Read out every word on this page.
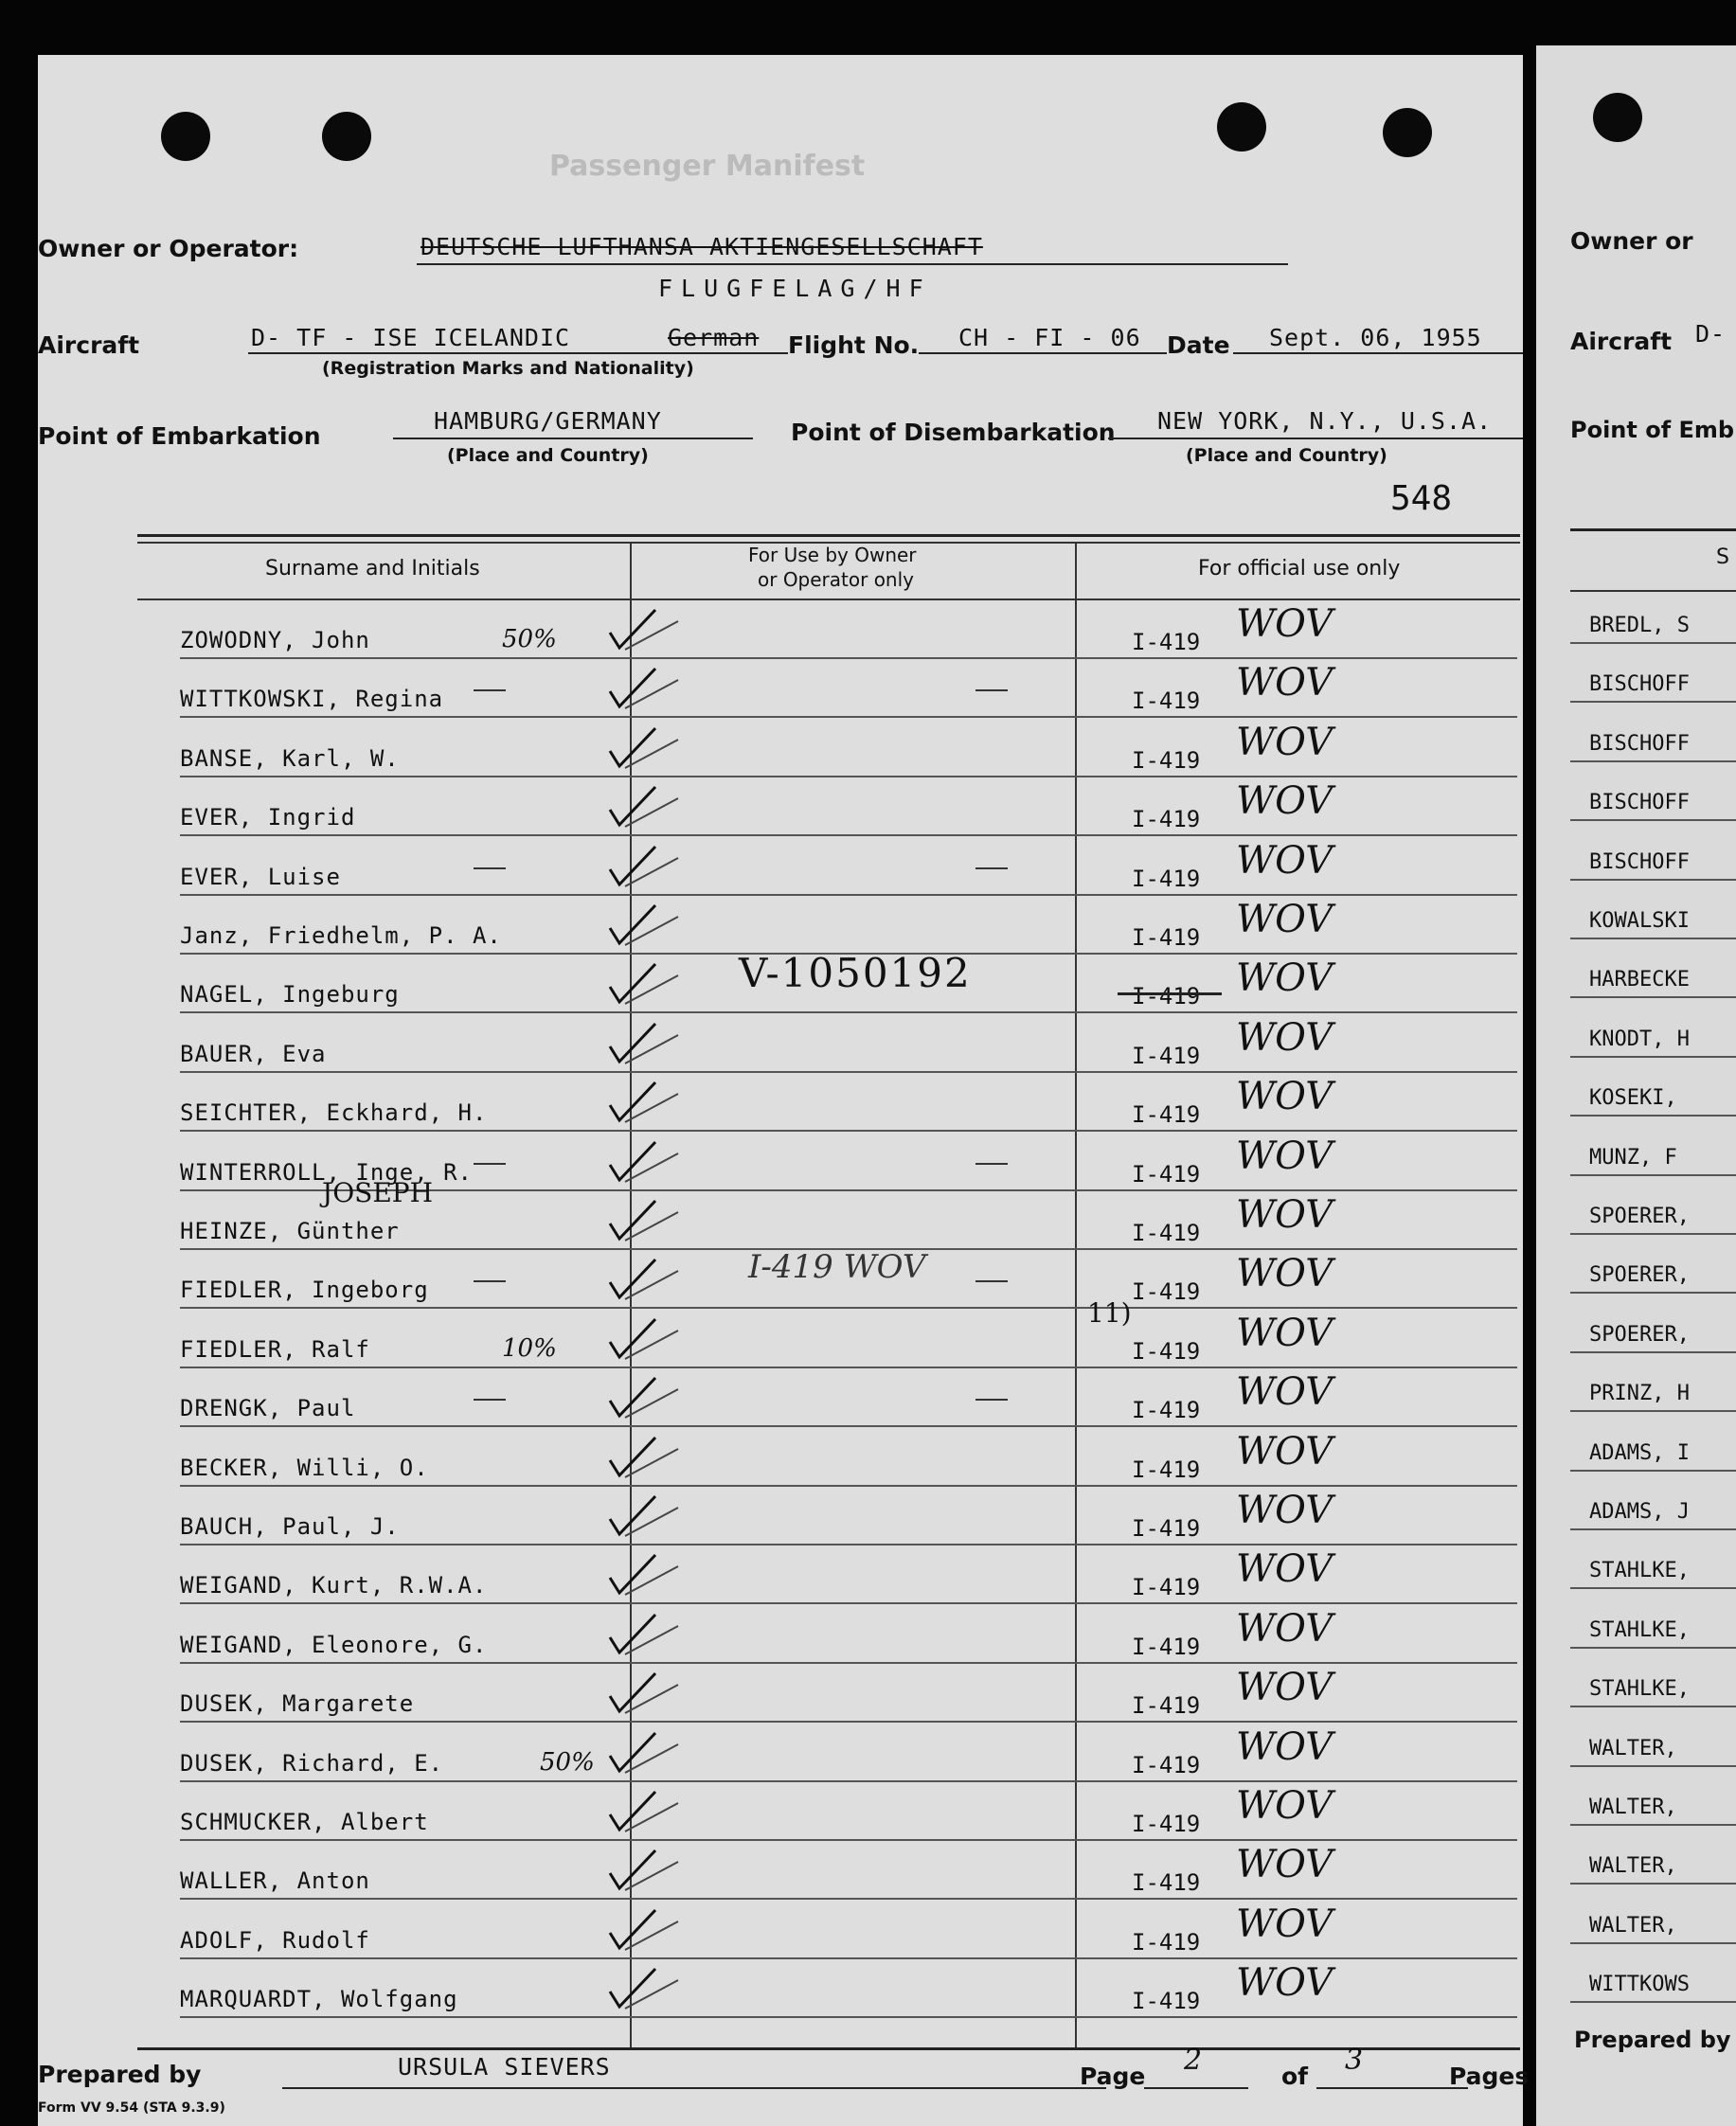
Passenger Manifest
Owner or Operator:	DEUTSCHE LUFTHANSA AKTIENGESELLSCHAFT
FLUGFELAG/HF
Aircraft	D- TF - ISE ICELANDIC	German
(Registration Marks and Nationality)
Flight No. CH - FI - 06 Date Sept. 06, 1955
Point of Embarkation
HAMBURG/GERMANY
(Place and Country)
Point of Disembarkation NEW YORK, N.Y., U.S.A.
(Place and Country)
548
Surname and Initials
For Use by Owner
or Operator only	For official use only
ZOWODNY, John	50%	I-419 WOV
WITTKOWSKI, Regina	I-419 WOV
BANSE, Karl, W.	I-419 WOV
EVER, Ingrid	I-419 WOV
EVER, Luise	I-419 WOV
Janz, Friedhelm, P. A.	I-419 WOV
NAGEL, Ingeburg	I-419 WOV
BAUER, Eva	I-419 WOV
SEICHTER, Eckhard, H.	I-419 WOV
WINTERROLL, Inge, R.	I-419 WOV
HEINZE, Günther	I-419 WOV
FIEDLER, Ingeborg	I-419 WOV
FIEDLER, Ralf	10%	I-419 WOV
DRENGK, Paul	I-419 WOV
BECKER, Willi, O.	I-419 WOV
BAUCH, Paul, J.	I-419 WOV
WEIGAND, Kurt, R.W.A.	I-419 WOV
WEIGAND, Eleonore, G.	I-419 WOV
DUSEK, Margarete	I-419 WOV
DUSEK, Richard, E.	50%	I-419 WOV
SCHMUCKER, Albert	I-419 WOV
WALLER, Anton	I-419 WOV
ADOLF, Rudolf	I-419 WOV
MARQUARDT, Wolfgang	I-419 WOV
V-1050192
JOSEPH
I-419 WOV
11)
Prepared by	URSULA SIEVERS	Page 2	of 3	Pages
Form VV 9.54 (STA 9.3.9)
Owner or
Aircraft D-
Point of Emb
S
BREDL, S
BISCHOFF
BISCHOFF
BISCHOFF
BISCHOFF
KOWALSKI
HARBECKE
KNODT, H
KOSEKI,
MUNZ, F
SPOERER,
SPOERER,
SPOERER,
PRINZ, H
ADAMS, I
ADAMS, J
STAHLKE,
STAHLKE,
STAHLKE,
WALTER,
WALTER,
WALTER,
WALTER,
WITTKOWS
Prepared by
